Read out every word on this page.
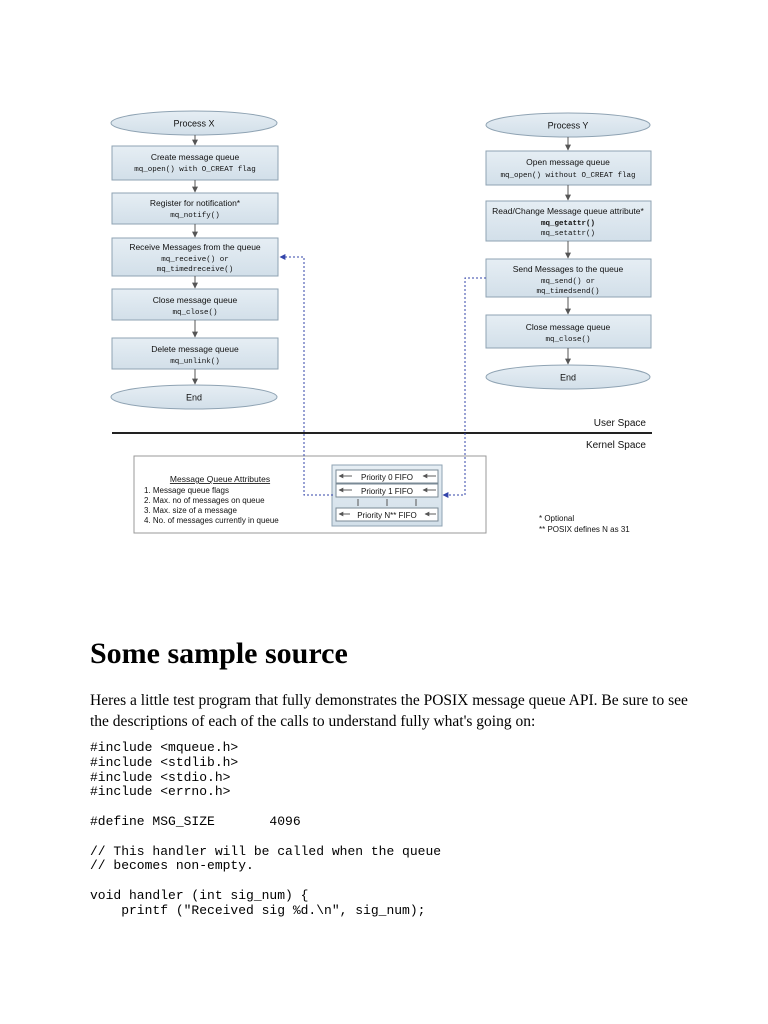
Process X
Create message queue
mq_open() with O_CREAT flag
Register for notification*
mq_notify()
Receive Messages from the queue
mq_receive() or
mq_timedreceive()
Close message queue
mq_close()
Delete message queue
mq_unlink()
End
Process Y
Open message queue
mq_open() without O_CREAT flag
Read/Change Message queue attribute*
mq_getattr()
mq_setattr()
Send Messages to the queue
mq_send() or
mq_timedsend()
Close message queue
mq_close()
End
User Space
Kernel Space
Message Queue Attributes
1. Message queue flags
2. Max. no of messages on queue
3. Max. size of a message
4. No. of messages currently in queue
Priority 0 FIFO
Priority 1 FIFO
Priority N** FIFO	* Optional
** POSIX defines N as 31
Some sample source

Heres a little test program that fully demonstrates the POSIX message queue API. Be sure to see the descriptions of each of the calls to understand fully what's going on:

#include <mqueue.h>
#include <stdlib.h>
#include <stdio.h>
#include <errno.h>
#define MSG_SIZE       4096
// This handler will be called when the queue
// becomes non-empty.
void handler (int sig_num) {
printf ("Received sig %d.\n", sig_num);
